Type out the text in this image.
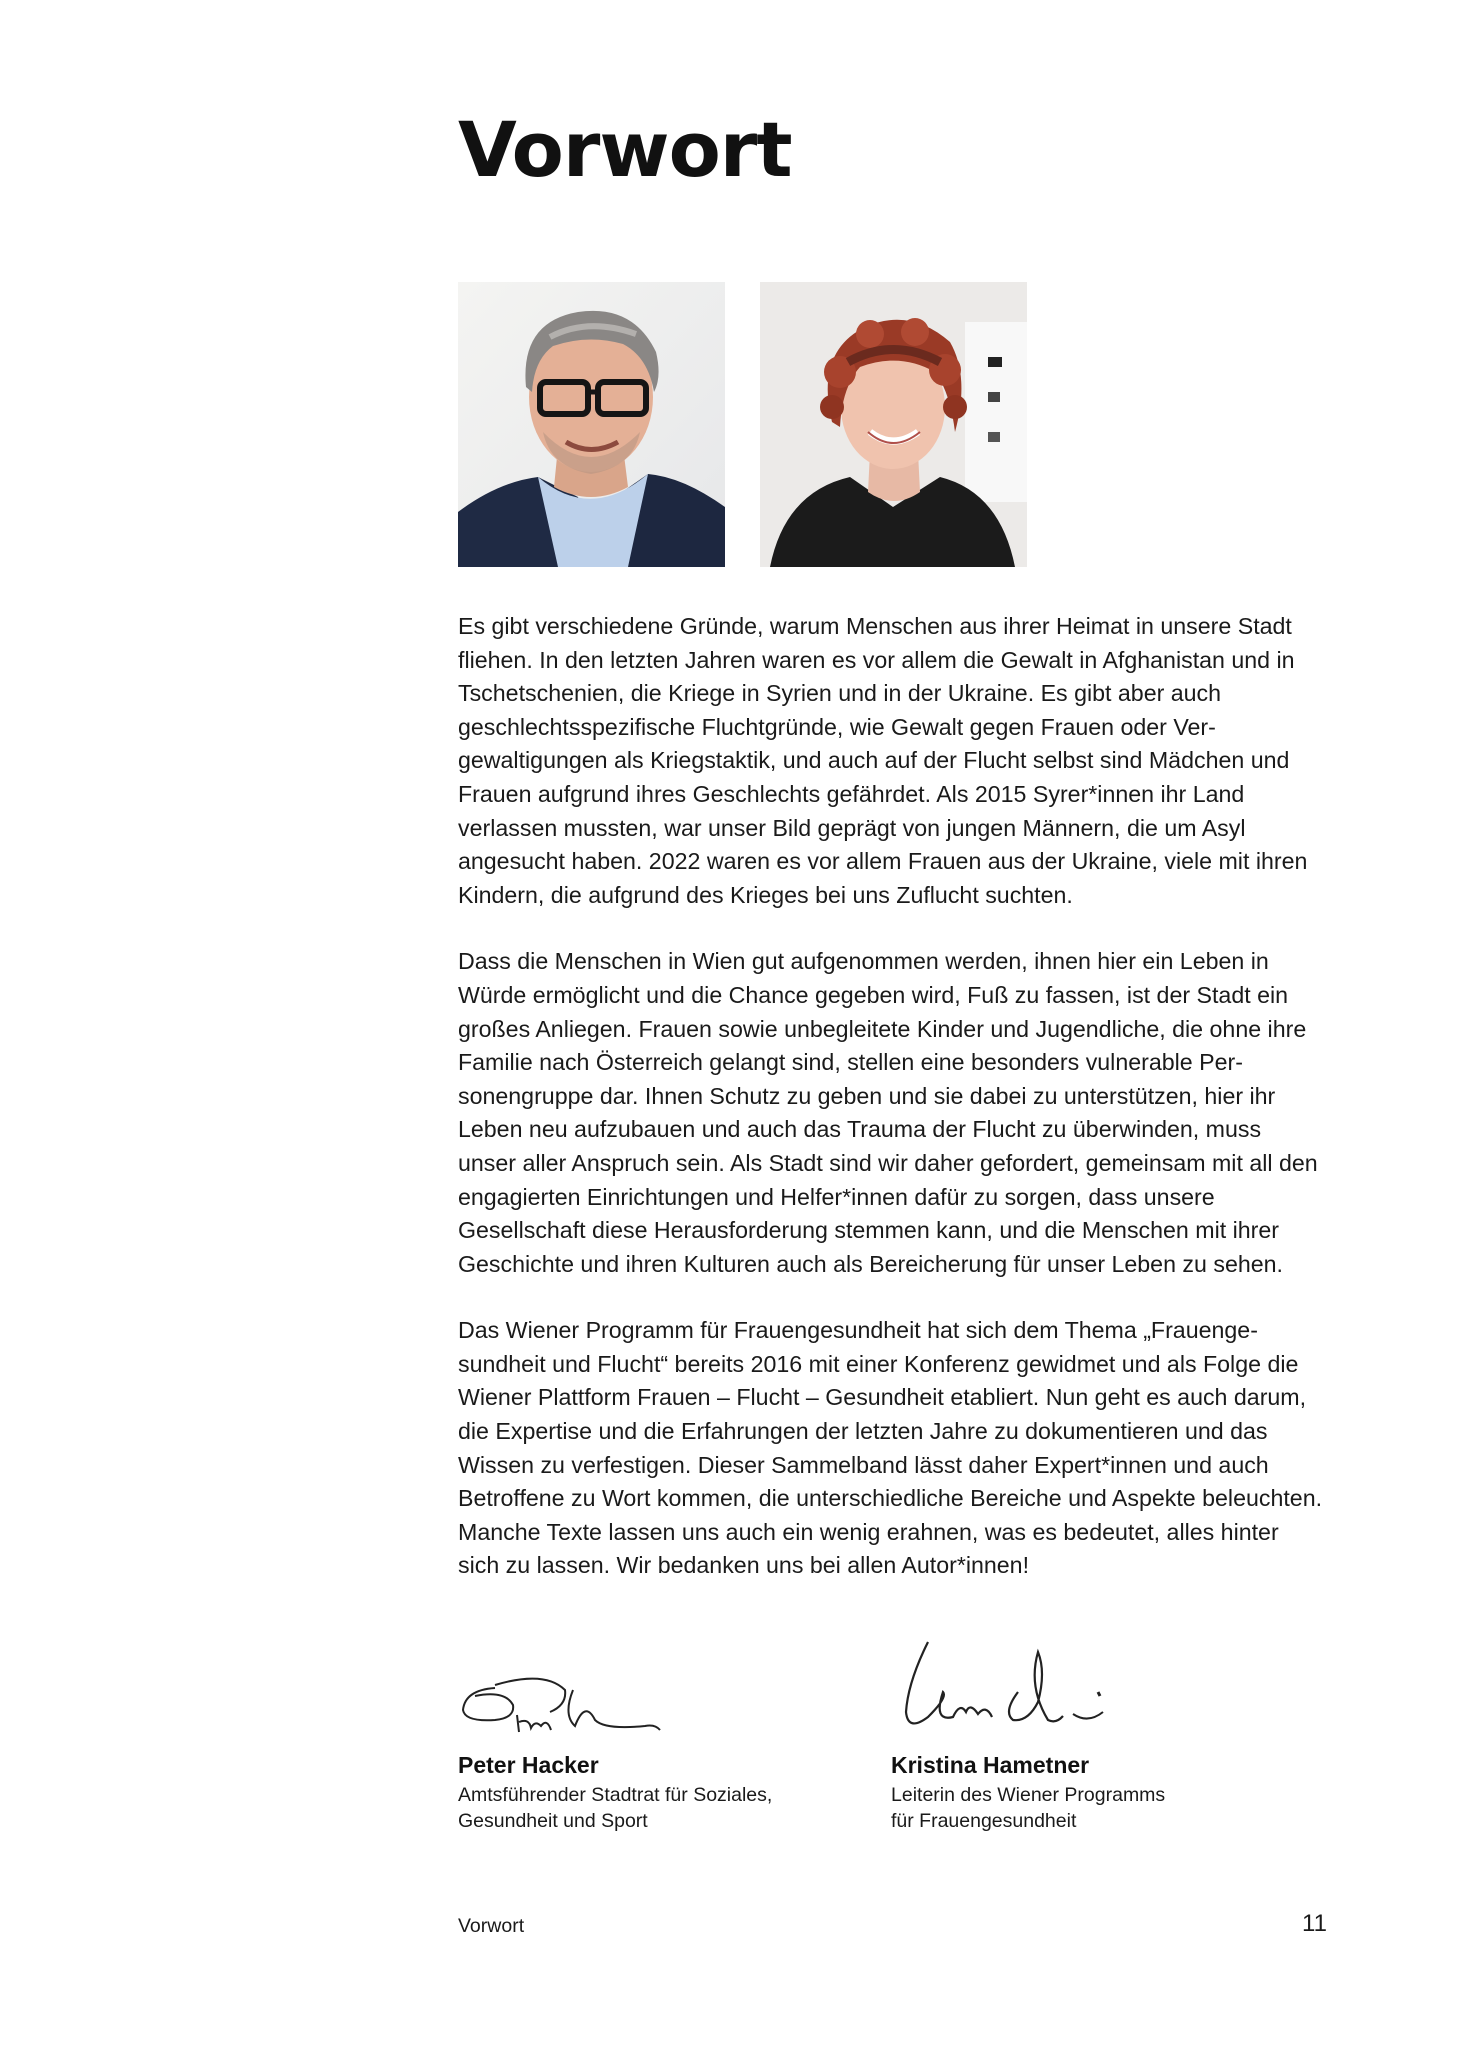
Vorwort

Es gibt verschiedene Gründe, warum Menschen aus ihrer Heimat in unsere Stadt fliehen. In den letzten Jahren waren es vor allem die Gewalt in Afghanistan und in Tschetschenien, die Kriege in Syrien und in der Ukraine. Es gibt aber auch geschlechtsspezifische Fluchtgründe, wie Gewalt gegen Frauen oder Vergewaltigungen als Kriegstaktik, und auch auf der Flucht selbst sind Mädchen und Frauen aufgrund ihres Geschlechts gefährdet. Als 2015 Syrer*innen ihr Land verlassen mussten, war unser Bild geprägt von jungen Männern, die um Asyl angesucht haben. 2022 waren es vor allem Frauen aus der Ukraine, viele mit ihren Kindern, die aufgrund des Krieges bei uns Zuflucht suchten.

Dass die Menschen in Wien gut aufgenommen werden, ihnen hier ein Leben in Würde ermöglicht und die Chance gegeben wird, Fuß zu fassen, ist der Stadt ein großes Anliegen. Frauen sowie unbegleitete Kinder und Jugendliche, die ohne ihre Familie nach Österreich gelangt sind, stellen eine besonders vulnerable Personengruppe dar. Ihnen Schutz zu geben und sie dabei zu unterstützen, hier ihr Leben neu aufzubauen und auch das Trauma der Flucht zu überwinden, muss unser aller Anspruch sein. Als Stadt sind wir daher gefordert, gemeinsam mit all den engagierten Einrichtungen und Helfer*innen dafür zu sorgen, dass unsere Gesellschaft diese Herausforderung stemmen kann, und die Menschen mit ihrer Geschichte und ihren Kulturen auch als Bereicherung für unser Leben zu sehen.

Das Wiener Programm für Frauengesundheit hat sich dem Thema „Frauengesundheit und Flucht“ bereits 2016 mit einer Konferenz gewidmet und als Folge die Wiener Plattform Frauen – Flucht – Gesundheit etabliert. Nun geht es auch darum, die Expertise und die Erfahrungen der letzten Jahre zu dokumentieren und das Wissen zu verfestigen. Dieser Sammelband lässt daher Expert*innen und auch Betroffene zu Wort kommen, die unterschiedliche Bereiche und Aspekte beleuchten. Manche Texte lassen uns auch ein wenig erahnen, was es bedeutet, alles hinter sich zu lassen. Wir bedanken uns bei allen Autor*innen!

Peter Hacker
Amtsführender Stadtrat für Soziales,
Gesundheit und Sport
Kristina Hametner
Leiterin des Wiener Programms
für Frauengesundheit
Vorwort	11
